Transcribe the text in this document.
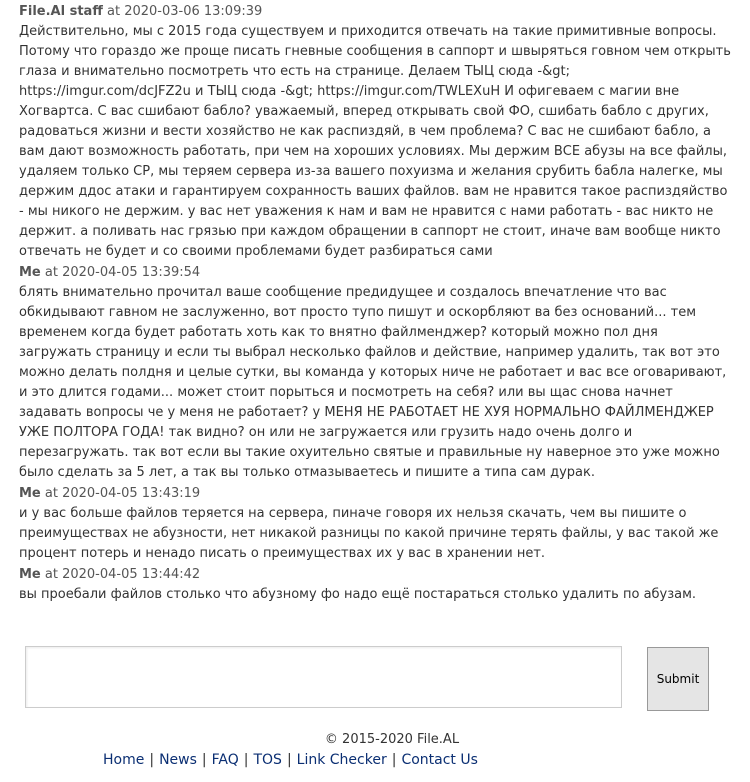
File.Al staff at 2020-03-06 13:09:39
Действительно, мы с 2015 года существуем и приходится отвечать на такие примитивные вопросы. Потому что гораздо же проще писать гневные сообщения в саппорт и швыряться говном чем открыть глаза и внимательно посмотреть что есть на странице. Делаем ТЫЦ сюда -&gt; https://imgur.com/dcJFZ2u и ТЫЦ сюда -&gt; https://imgur.com/TWLEXuH И офигеваем с магии вне Хогвартса. С вас сшибают бабло? уважаемый, вперед открывать свой ФО, сшибать бабло с других, радоваться жизни и вести хозяйство не как распиздяй, в чем проблема? С вас не сшибают бабло, а вам дают возможность работать, при чем на хороших условиях. Мы держим ВСЕ абузы на все файлы, удаляем только СР, мы теряем сервера из-за вашего похуизма и желания срубить бабла налегке, мы держим ддос атаки и гарантируем сохранность ваших файлов. вам не нравится такое распиздяйство - мы никого не держим. у вас нет уважения к нам и вам не нравится с нами работать - вас никто не держит. а поливать нас грязью при каждом обращении в саппорт не стоит, иначе вам вообще никто отвечать не будет и со своими проблемами будет разбираться сами
Me at 2020-04-05 13:39:54
блять внимательно прочитал ваше сообщение предидущее и создалось впечатление что вас обкидывают гавном не заслуженно, вот просто тупо пишут и оскорбляют ва без оснований... тем временем когда будет работать хоть как то внятно файлменджер? который можно пол дня загружать страницу и если ты выбрал несколько файлов и действие, например удалить, так вот это можно делать полдня и целые сутки, вы команда у которых ниче не работает и вас все оговаривают, и это длится годами... может стоит порыться и посмотреть на себя? или вы щас снова начнет задавать вопросы че у меня не работает? у МЕНЯ НЕ РАБОТАЕТ НЕ ХУЯ НОРМАЛЬНО ФАЙЛМЕНДЖЕР УЖЕ ПОЛТОРА ГОДА! так видно? он или не загружается или грузить надо очень долго и перезагружать. так вот если вы такие охуительно святые и правильные ну наверное это уже можно было сделать за 5 лет, а так вы только отмазываетесь и пишите а типа сам дурак.
Me at 2020-04-05 13:43:19
и у вас больше файлов теряется на сервера, пиначе говоря их нельзя скачать, чем вы пишите о преимуществах не абузности, нет никакой разницы по какой причине терять файлы, у вас такой же процент потерь и ненадо писать о преимуществах их у вас в хранении нет.
Me at 2020-04-05 13:44:42
вы проебали файлов столько что абузному фо надо ещё постараться столько удалить по абузам.
Submit
© 2015-2020 File.AL
Home | News | FAQ | TOS | Link Checker | Contact Us
